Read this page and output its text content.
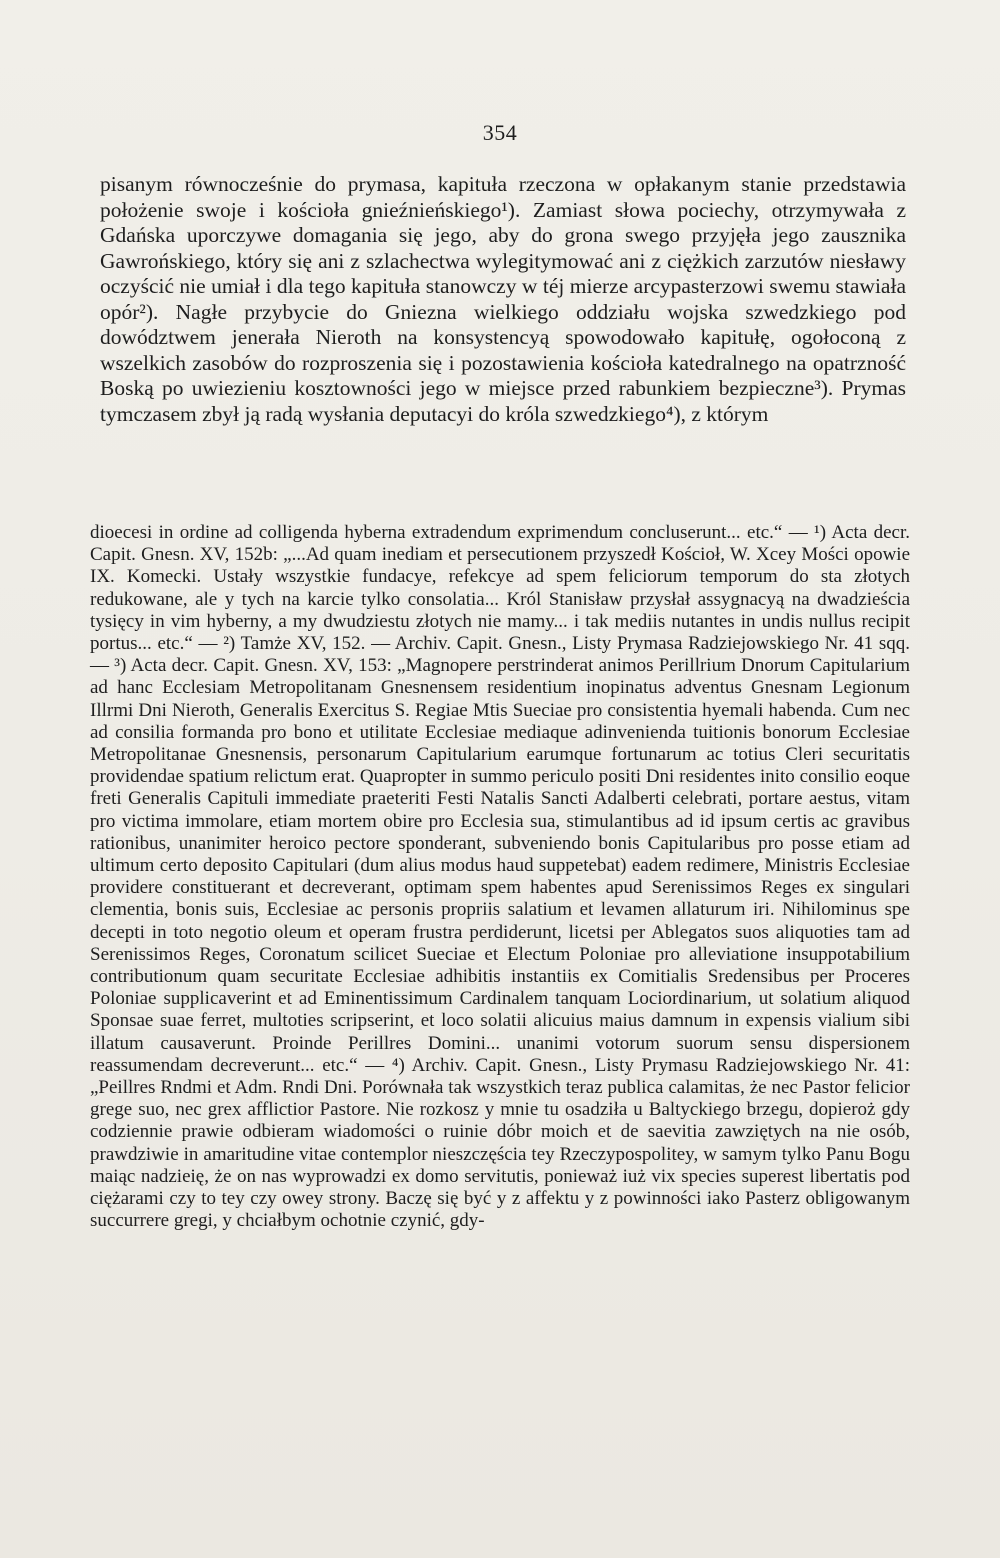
354

pisanym równocześnie do prymasa, kapituła rzeczona w opłakanym stanie przedstawia położenie swoje i kościoła gnieźnieńskiego¹). Zamiast słowa pociechy, otrzymywała z Gdańska uporczywe domagania się jego, aby do grona swego przyjęła jego zausznika Gawrońskiego, który się ani z szlachectwa wylegitymować ani z ciężkich zarzutów niesławy oczyścić nie umiał i dla tego kapituła stanowczy w téj mierze arcypasterzowi swemu stawiała opór²). Nagłe przybycie do Gniezna wielkiego oddziału wojska szwedzkiego pod dowództwem jenerała Nieroth na konsystencyą spowodowało kapitułę, ogołoconą z wszelkich zasobów do rozproszenia się i pozostawienia kościoła katedralnego na opatrzność Boską po uwiezieniu kosztowności jego w miejsce przed rabunkiem bezpieczne³). Prymas tymczasem zbył ją radą wysłania deputacyi do króla szwedzkiego⁴), z którym

dioecesi in ordine ad colligenda hyberna extradendum exprimendum concluserunt... etc.“ — ¹) Acta decr. Capit. Gnesn. XV, 152b: „...Ad quam inediam et persecutionem przyszedł Kościoł, W. Xcey Mości opowie IX. Komecki. Ustały wszystkie fundacye, refekcye ad spem feliciorum temporum do sta złotych redukowane, ale y tych na karcie tylko consolatia... Król Stanisław przysłał assygnacyą na dwadzieścia tysięcy in vim hyberny, a my dwudziestu złotych nie mamy... i tak mediis nutantes in undis nullus recipit portus... etc.“ — ²) Tamże XV, 152. — Archiv. Capit. Gnesn., Listy Prymasa Radziejowskiego Nr. 41 sqq. — ³) Acta decr. Capit. Gnesn. XV, 153: „Magnopere perstrinderat animos Perillrium Dnorum Capitularium ad hanc Ecclesiam Metropolitanam Gnesnensem residentium inopinatus adventus Gnesnam Legionum Illrmi Dni Nieroth, Generalis Exercitus S. Regiae Mtis Sueciae pro consistentia hyemali habenda. Cum nec ad consilia formanda pro bono et utilitate Ecclesiae mediaque adinvenienda tuitionis bonorum Ecclesiae Metropolitanae Gnesnensis, personarum Capitularium earumque fortunarum ac totius Cleri securitatis providendae spatium relictum erat. Quapropter in summo periculo positi Dni residentes inito consilio eoque freti Generalis Capituli immediate praeteriti Festi Natalis Sancti Adalberti celebrati, portare aestus, vitam pro victima immolare, etiam mortem obire pro Ecclesia sua, stimulantibus ad id ipsum certis ac gravibus rationibus, unanimiter heroico pectore sponderant, subveniendo bonis Capitularibus pro posse etiam ad ultimum certo deposito Capitulari (dum alius modus haud suppetebat) eadem redimere, Ministris Ecclesiae providere constituerant et decreverant, optimam spem habentes apud Serenissimos Reges ex singulari clementia, bonis suis, Ecclesiae ac personis propriis salatium et levamen allaturum iri. Nihilominus spe decepti in toto negotio oleum et operam frustra perdiderunt, licetsi per Ablegatos suos aliquoties tam ad Serenissimos Reges, Coronatum scilicet Sueciae et Electum Poloniae pro alleviatione insuppotabilium contributionum quam securitate Ecclesiae adhibitis instantiis ex Comitialis Sredensibus per Proceres Poloniae supplicaverint et ad Eminentissimum Cardinalem tanquam Lociordinarium, ut solatium aliquod Sponsae suae ferret, multoties scripserint, et loco solatii alicuius maius damnum in expensis vialium sibi illatum causaverunt. Proinde Perillres Domini... unanimi votorum suorum sensu dispersionem reassumendam decreverunt... etc.“ — ⁴) Archiv. Capit. Gnesn., Listy Prymasu Radziejowskiego Nr. 41: „Peillres Rndmi et Adm. Rndi Dni. Porównała tak wszystkich teraz publica calamitas, że nec Pastor felicior grege suo, nec grex afflictior Pastore. Nie rozkosz y mnie tu osadziła u Baltyckiego brzegu, dopieroż gdy codziennie prawie odbieram wiadomości o ruinie dóbr moich et de saevitia zawziętych na nie osób, prawdziwie in amaritudine vitae contemplor nieszczęścia tey Rzeczypospolitey, w samym tylko Panu Bogu maiąc nadzieię, że on nas wyprowadzi ex domo servitutis, ponieważ iuż vix species superest libertatis pod ciężarami czy to tey czy owey strony. Baczę się być y z affektu y z powinności iako Pasterz obligowanym succurrere gregi, y chciałbym ochotnie czynić, gdy-
